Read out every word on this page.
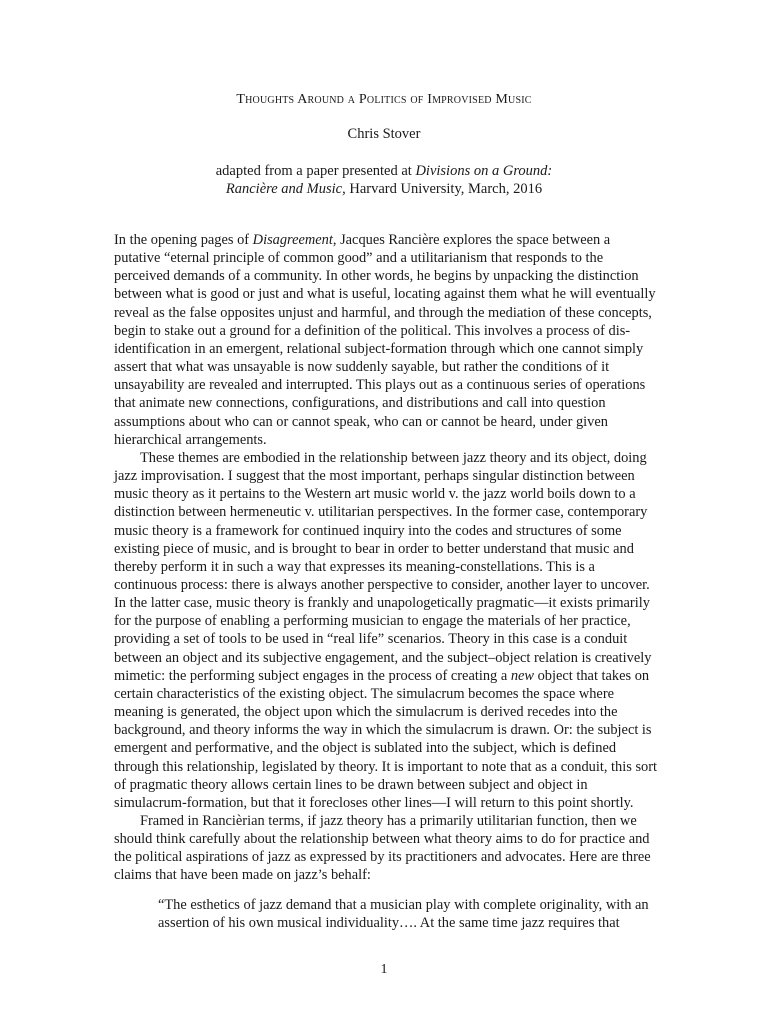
Thoughts Around a Politics of Improvised Music
Chris Stover
adapted from a paper presented at Divisions on a Ground:
Rancière and Music, Harvard University, March, 2016

In the opening pages of Disagreement, Jacques Rancière explores the space between a putative “eternal principle of common good” and a utilitarianism that responds to the perceived demands of a community. In other words, he begins by unpacking the distinction between what is good or just and what is useful, locating against them what he will eventually reveal as the false opposites unjust and harmful, and through the mediation of these concepts, begin to stake out a ground for a definition of the political. This involves a process of dis-identification in an emergent, relational subject-formation through which one cannot simply assert that what was unsayable is now suddenly sayable, but rather the conditions of it unsayability are revealed and interrupted. This plays out as a continuous series of operations that animate new connections, configurations, and distributions and call into question assumptions about who can or cannot speak, who can or cannot be heard, under given hierarchical arrangements.

These themes are embodied in the relationship between jazz theory and its object, doing jazz improvisation. I suggest that the most important, perhaps singular distinction between music theory as it pertains to the Western art music world v. the jazz world boils down to a distinction between hermeneutic v. utilitarian perspectives. In the former case, contemporary music theory is a framework for continued inquiry into the codes and structures of some existing piece of music, and is brought to bear in order to better understand that music and thereby perform it in such a way that expresses its meaning-constellations. This is a continuous process: there is always another perspective to consider, another layer to uncover. In the latter case, music theory is frankly and unapologetically pragmatic—it exists primarily for the purpose of enabling a performing musician to engage the materials of her practice, providing a set of tools to be used in “real life” scenarios. Theory in this case is a conduit between an object and its subjective engagement, and the subject–object relation is creatively mimetic: the performing subject engages in the process of creating a new object that takes on certain characteristics of the existing object. The simulacrum becomes the space where meaning is generated, the object upon which the simulacrum is derived recedes into the background, and theory informs the way in which the simulacrum is drawn. Or: the subject is emergent and performative, and the object is sublated into the subject, which is defined through this relationship, legislated by theory. It is important to note that as a conduit, this sort of pragmatic theory allows certain lines to be drawn between subject and object in simulacrum-formation, but that it forecloses other lines—I will return to this point shortly.

Framed in Rancièrian terms, if jazz theory has a primarily utilitarian function, then we should think carefully about the relationship between what theory aims to do for practice and the political aspirations of jazz as expressed by its practitioners and advocates. Here are three claims that have been made on jazz’s behalf:

“The esthetics of jazz demand that a musician play with complete originality, with an assertion of his own musical individuality…. At the same time jazz requires that

1
